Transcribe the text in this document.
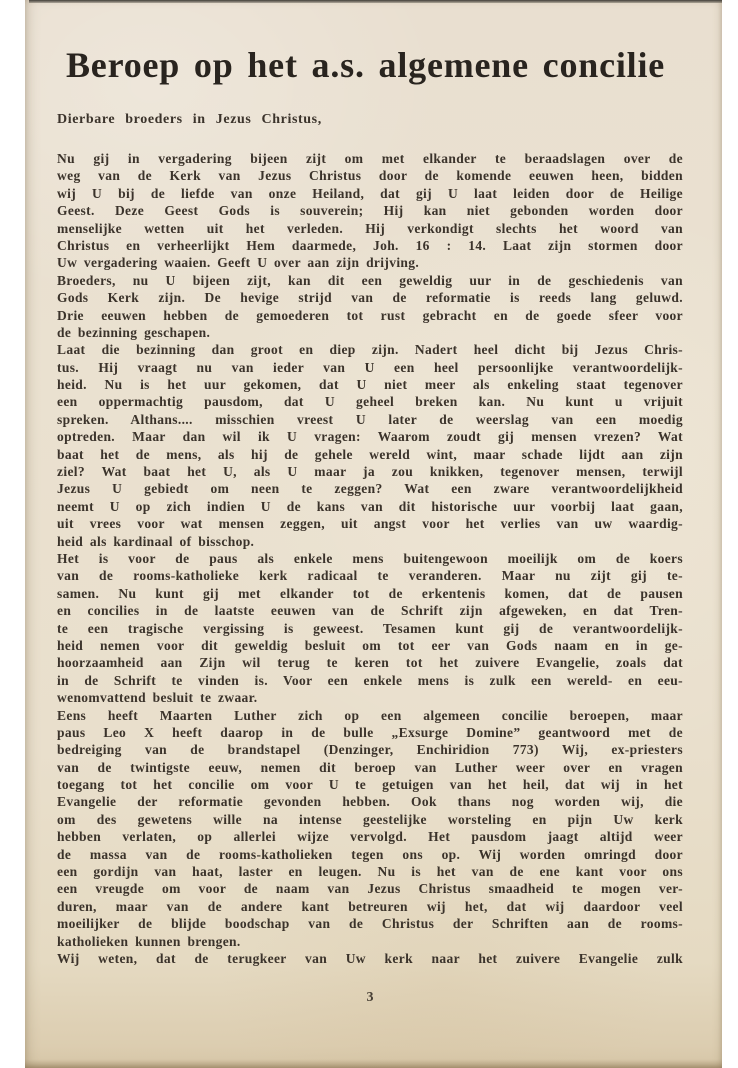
Beroep op het a.s. algemene concilie

Dierbare broeders in Jezus Christus,

Nu gij in vergadering bijeen zijt om met elkander te beraadslagen over de
weg van de Kerk van Jezus Christus door de komende eeuwen heen, bidden
wij U bij de liefde van onze Heiland, dat gij U laat leiden door de Heilige
Geest. Deze Geest Gods is souverein; Hij kan niet gebonden worden door
menselijke wetten uit het verleden. Hij verkondigt slechts het woord van
Christus en verheerlijkt Hem daarmede, Joh. 16 : 14. Laat zijn stormen door
Uw vergadering waaien. Geeft U over aan zijn drijving.
Broeders, nu U bijeen zijt, kan dit een geweldig uur in de geschiedenis van
Gods Kerk zijn. De hevige strijd van de reformatie is reeds lang geluwd.
Drie eeuwen hebben de gemoederen tot rust gebracht en de goede sfeer voor
de bezinning geschapen.
Laat die bezinning dan groot en diep zijn. Nadert heel dicht bij Jezus Chris-
tus. Hij vraagt nu van ieder van U een heel persoonlijke verantwoordelijk-
heid. Nu is het uur gekomen, dat U niet meer als enkeling staat tegenover
een oppermachtig pausdom, dat U geheel breken kan. Nu kunt u vrijuit
spreken. Althans.... misschien vreest U later de weerslag van een moedig
optreden. Maar dan wil ik U vragen: Waarom zoudt gij mensen vrezen? Wat
baat het de mens, als hij de gehele wereld wint, maar schade lijdt aan zijn
ziel? Wat baat het U, als U maar ja zou knikken, tegenover mensen, terwijl
Jezus U gebiedt om neen te zeggen? Wat een zware verantwoordelijkheid
neemt U op zich indien U de kans van dit historische uur voorbij laat gaan,
uit vrees voor wat mensen zeggen, uit angst voor het verlies van uw waardig-
heid als kardinaal of bisschop.
Het is voor de paus als enkele mens buitengewoon moeilijk om de koers
van de rooms-katholieke kerk radicaal te veranderen. Maar nu zijt gij te-
samen. Nu kunt gij met elkander tot de erkentenis komen, dat de pausen
en concilies in de laatste eeuwen van de Schrift zijn afgeweken, en dat Tren-
te een tragische vergissing is geweest. Tesamen kunt gij de verantwoordelijk-
heid nemen voor dit geweldig besluit om tot eer van Gods naam en in ge-
hoorzaamheid aan Zijn wil terug te keren tot het zuivere Evangelie, zoals dat
in de Schrift te vinden is. Voor een enkele mens is zulk een wereld- en eeu-
wenomvattend besluit te zwaar.
Eens heeft Maarten Luther zich op een algemeen concilie beroepen, maar
paus Leo X heeft daarop in de bulle „Exsurge Domine” geantwoord met de
bedreiging van de brandstapel (Denzinger, Enchiridion 773) Wij, ex-priesters
van de twintigste eeuw, nemen dit beroep van Luther weer over en vragen
toegang tot het concilie om voor U te getuigen van het heil, dat wij in het
Evangelie der reformatie gevonden hebben. Ook thans nog worden wij, die
om des gewetens wille na intense geestelijke worsteling en pijn Uw kerk
hebben verlaten, op allerlei wijze vervolgd. Het pausdom jaagt altijd weer
de massa van de rooms-katholieken tegen ons op. Wij worden omringd door
een gordijn van haat, laster en leugen. Nu is het van de ene kant voor ons
een vreugde om voor de naam van Jezus Christus smaadheid te mogen ver-
duren, maar van de andere kant betreuren wij het, dat wij daardoor veel
moeilijker de blijde boodschap van de Christus der Schriften aan de rooms-
katholieken kunnen brengen.
Wij weten, dat de terugkeer van Uw kerk naar het zuivere Evangelie zulk
3
